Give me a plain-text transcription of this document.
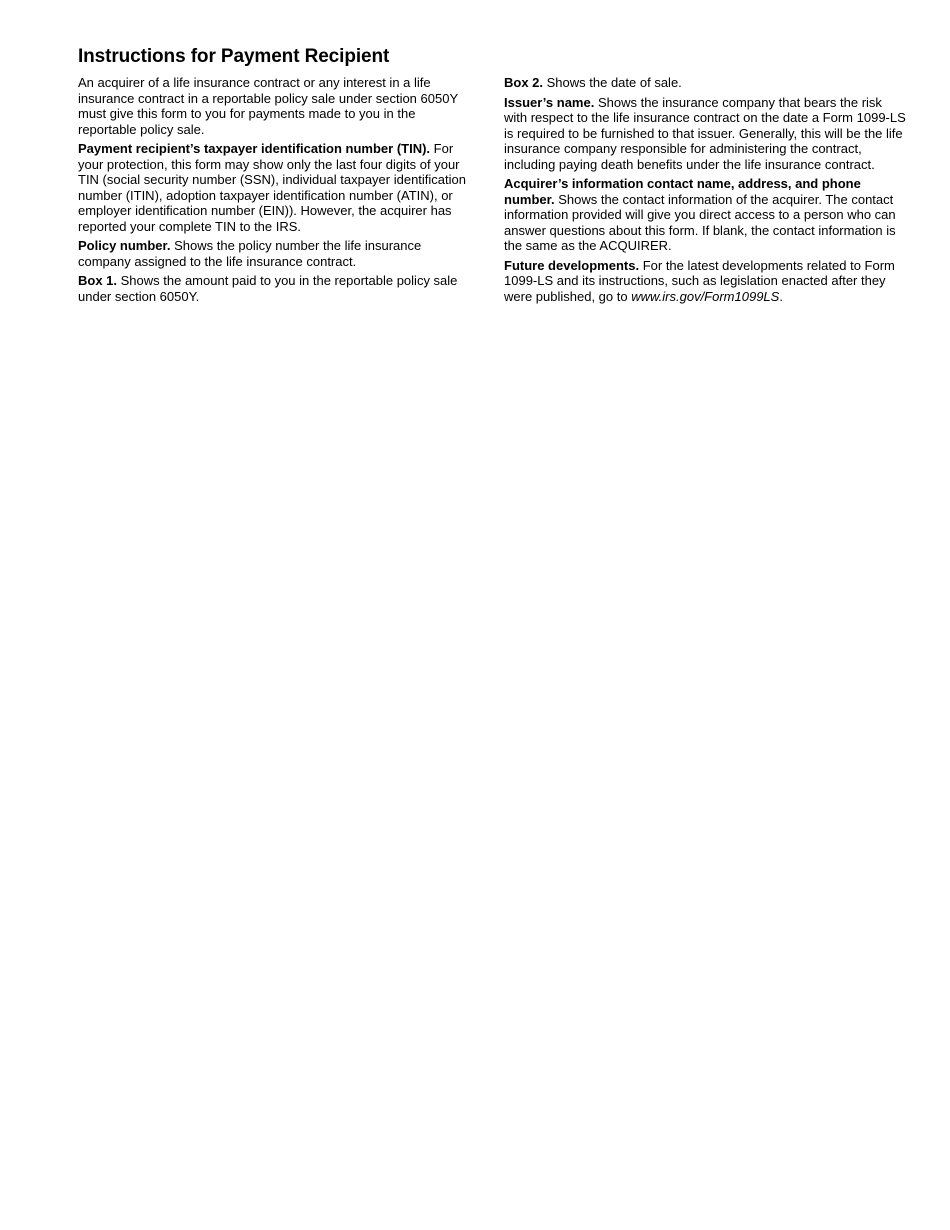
Instructions for Payment Recipient

An acquirer of a life insurance contract or any interest in a life insurance contract in a reportable policy sale under section 6050Y must give this form to you for payments made to you in the reportable policy sale.

Payment recipient’s taxpayer identification number (TIN). For your protection, this form may show only the last four digits of your TIN (social security number (SSN), individual taxpayer identification number (ITIN), adoption taxpayer identification number (ATIN), or employer identification number (EIN)). However, the acquirer has reported your complete TIN to the IRS.

Policy number. Shows the policy number the life insurance company assigned to the life insurance contract.

Box 1. Shows the amount paid to you in the reportable policy sale under section 6050Y.

Box 2. Shows the date of sale.

Issuer’s name. Shows the insurance company that bears the risk with respect to the life insurance contract on the date a Form 1099-LS is required to be furnished to that issuer. Generally, this will be the life insurance company responsible for administering the contract, including paying death benefits under the life insurance contract.

Acquirer’s information contact name, address, and phone number. Shows the contact information of the acquirer. The contact information provided will give you direct access to a person who can answer questions about this form. If blank, the contact information is the same as the ACQUIRER.

Future developments. For the latest developments related to Form 1099-LS and its instructions, such as legislation enacted after they were published, go to www.irs.gov/Form1099LS.
